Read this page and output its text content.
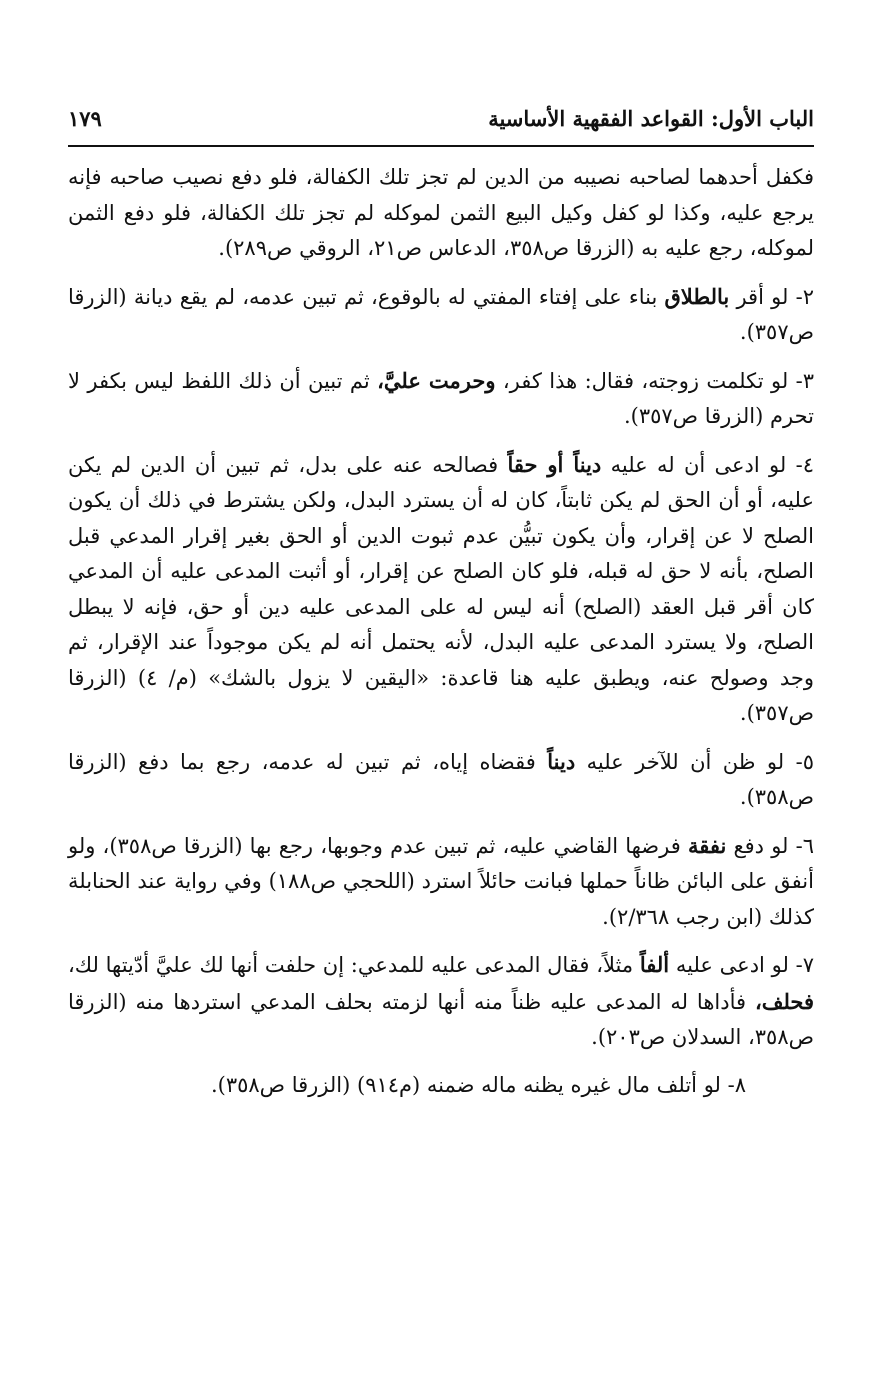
الباب الأول: القواعد الفقهية الأساسية
١٧٩

فكفل أحدهما لصاحبه نصيبه من الدين لم تجز تلك الكفالة، فلو دفع نصيب صاحبه فإنه يرجع عليه، وكذا لو كفل وكيل البيع الثمن لموكله لم تجز تلك الكفالة، فلو دفع الثمن لموكله، رجع عليه به (الزرقا ص٣٥٨، الدعاس ص٢١، الروقي ص٢٨٩).

٢- لو أقر بالطلاق بناء على إفتاء المفتي له بالوقوع، ثم تبين عدمه، لم يقع ديانة (الزرقا ص٣٥٧).

٣- لو تكلمت زوجته، فقال: هذا كفر، وحرمت عليَّ، ثم تبين أن ذلك اللفظ ليس بكفر لا تحرم (الزرقا ص٣٥٧).

٤- لو ادعى أن له عليه ديناً أو حقاً فصالحه عنه على بدل، ثم تبين أن الدين لم يكن عليه، أو أن الحق لم يكن ثابتاً، كان له أن يسترد البدل، ولكن يشترط في ذلك أن يكون الصلح لا عن إقرار، وأن يكون تبيُّن عدم ثبوت الدين أو الحق بغير إقرار المدعي قبل الصلح، بأنه لا حق له قبله، فلو كان الصلح عن إقرار، أو أثبت المدعى عليه أن المدعي كان أقر قبل العقد (الصلح) أنه ليس له على المدعى عليه دين أو حق، فإنه لا يبطل الصلح، ولا يسترد المدعى عليه البدل، لأنه يحتمل أنه لم يكن موجوداً عند الإقرار، ثم وجد وصولح عنه، ويطبق عليه هنا قاعدة: «اليقين لا يزول بالشك» (م/ ٤) (الزرقا ص٣٥٧).

٥- لو ظن أن للآخر عليه ديناً فقضاه إياه، ثم تبين له عدمه، رجع بما دفع (الزرقا ص٣٥٨).

٦- لو دفع نفقة فرضها القاضي عليه، ثم تبين عدم وجوبها، رجع بها (الزرقا ص٣٥٨)، ولو أنفق على البائن ظاناً حملها فبانت حائلاً استرد (اللحجي ص١٨٨) وفي رواية عند الحنابلة كذلك (ابن رجب ٢/٣٦٨).

٧- لو ادعى عليه ألفاً مثلاً، فقال المدعى عليه للمدعي: إن حلفت أنها لك عليَّ أدّيتها لك، فحلف، فأداها له المدعى عليه ظناً منه أنها لزمته بحلف المدعي استردها منه (الزرقا ص٣٥٨، السدلان ص٢٠٣).

٨- لو أتلف مال غيره يظنه ماله ضمنه (م٩١٤) (الزرقا ص٣٥٨).
